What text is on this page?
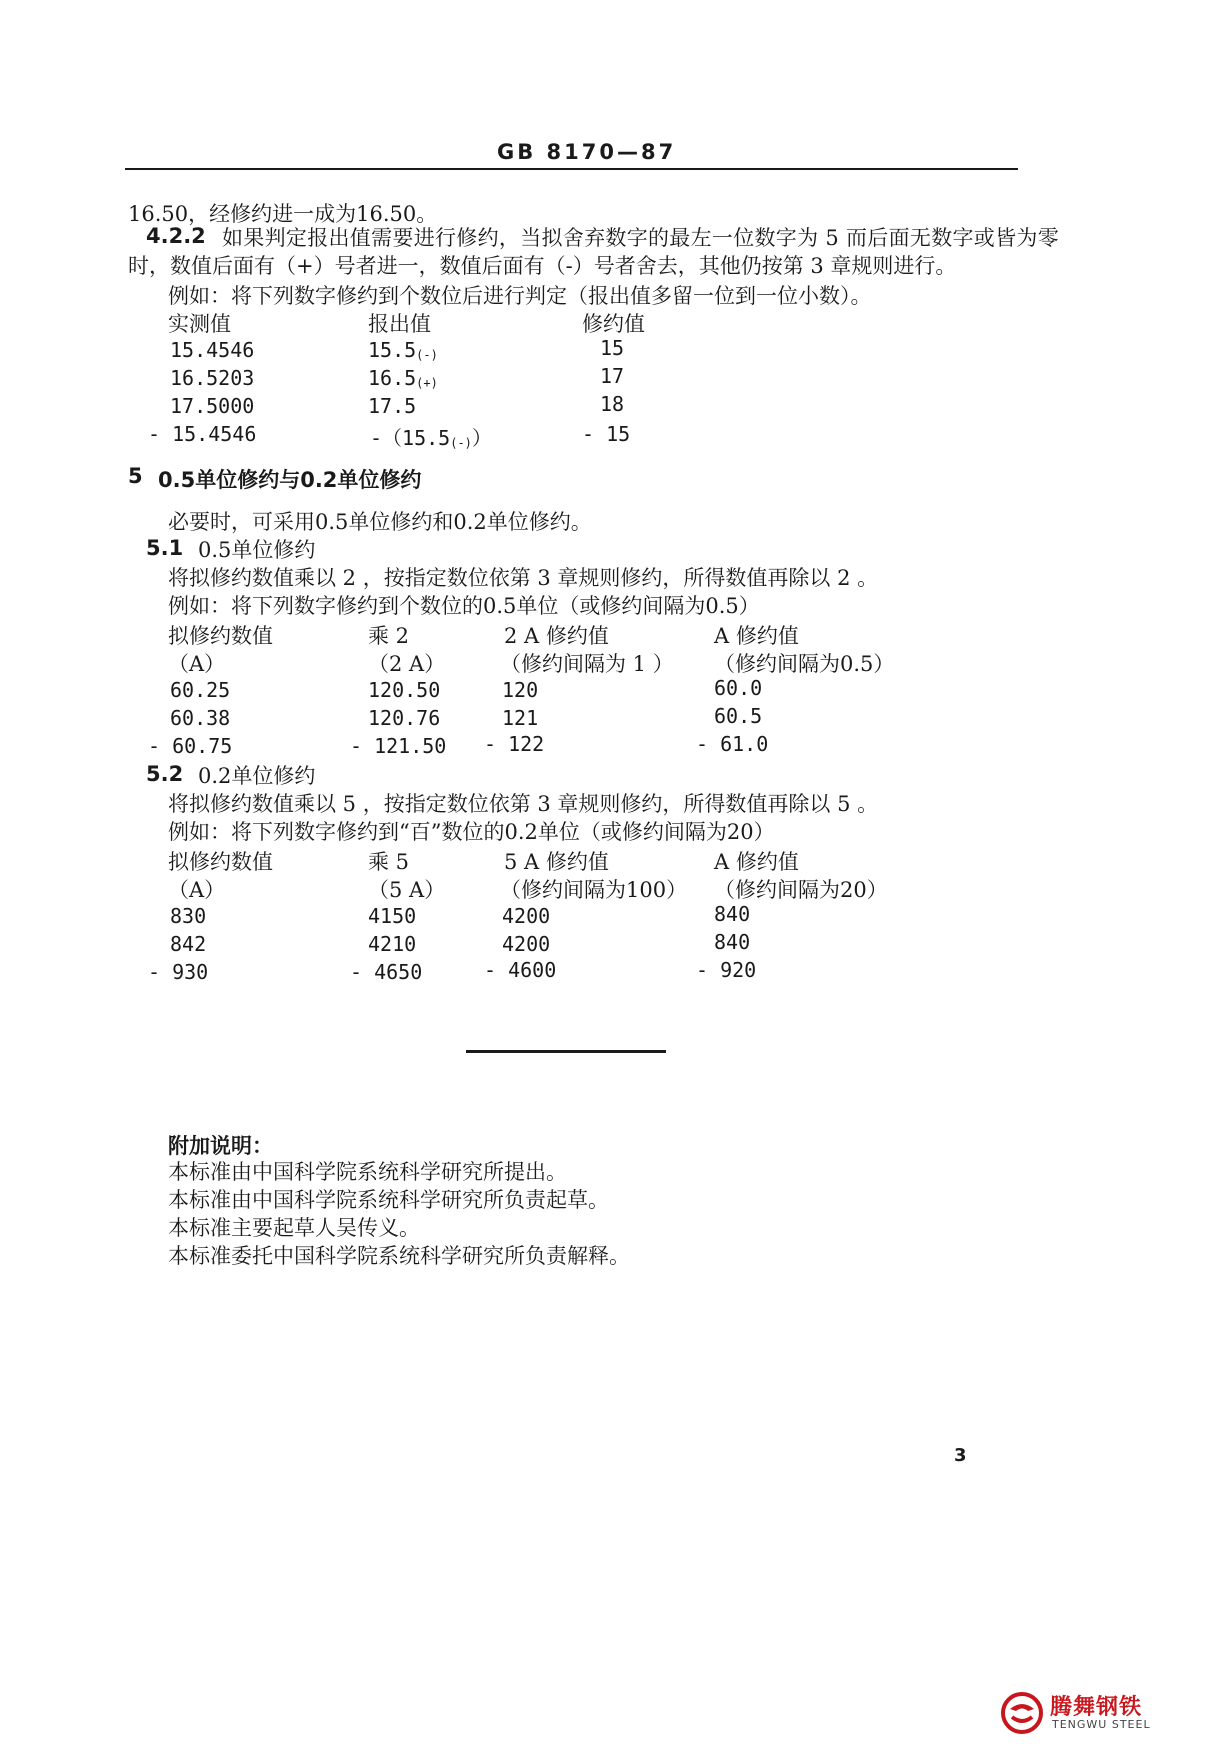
GB 8170—87
16.50，经修约进一成为16.50。
4.2.2 如果判定报出值需要进行修约，当拟舍弃数字的最左一位数字为 5 而后面无数字或皆为零
时，数值后面有（+）号者进一，数值后面有（-）号者舍去，其他仍按第 3 章规则进行。
例如：将下列数字修约到个数位后进行判定（报出值多留一位到一位小数）。
实测值	报出值	修约值
15.4546	15.5(-)	15
16.5203	16.5(+)	17
17.5000	17.5	18
- 15.4546	-（15.5(-)）	- 15
5 0.5单位修约与0.2单位修约
必要时，可采用0.5单位修约和0.2单位修约。
5.1 0.5单位修约
将拟修约数值乘以 2 ，按指定数位依第 3 章规则修约，所得数值再除以 2 。
例如：将下列数字修约到个数位的0.5单位（或修约间隔为0.5）
拟修约数值	乘 2	2 A 修约值	A 修约值
（A）	（2 A）	（修约间隔为 1 ） （修约间隔为0.5）
60.25	120.50	120	60.0
60.38	120.76	121	60.5
- 60.75	- 121.50 - 122	- 61.0
5.2 0.2单位修约
将拟修约数值乘以 5 ，按指定数位依第 3 章规则修约，所得数值再除以 5 。
例如：将下列数字修约到“百”数位的0.2单位（或修约间隔为20）
拟修约数值	乘 5	5 A 修约值	A 修约值
（A）	（5 A）	（修约间隔为100） （修约间隔为20）
830	4150	4200	840
842	4210	4200	840
- 930	- 4650	- 4600	- 920
附加说明：
本标准由中国科学院系统科学研究所提出。
本标准由中国科学院系统科学研究所负责起草。
本标准主要起草人吴传义。
本标准委托中国科学院系统科学研究所负责解释。
3
腾舞钢铁
TENGWU STEEL
